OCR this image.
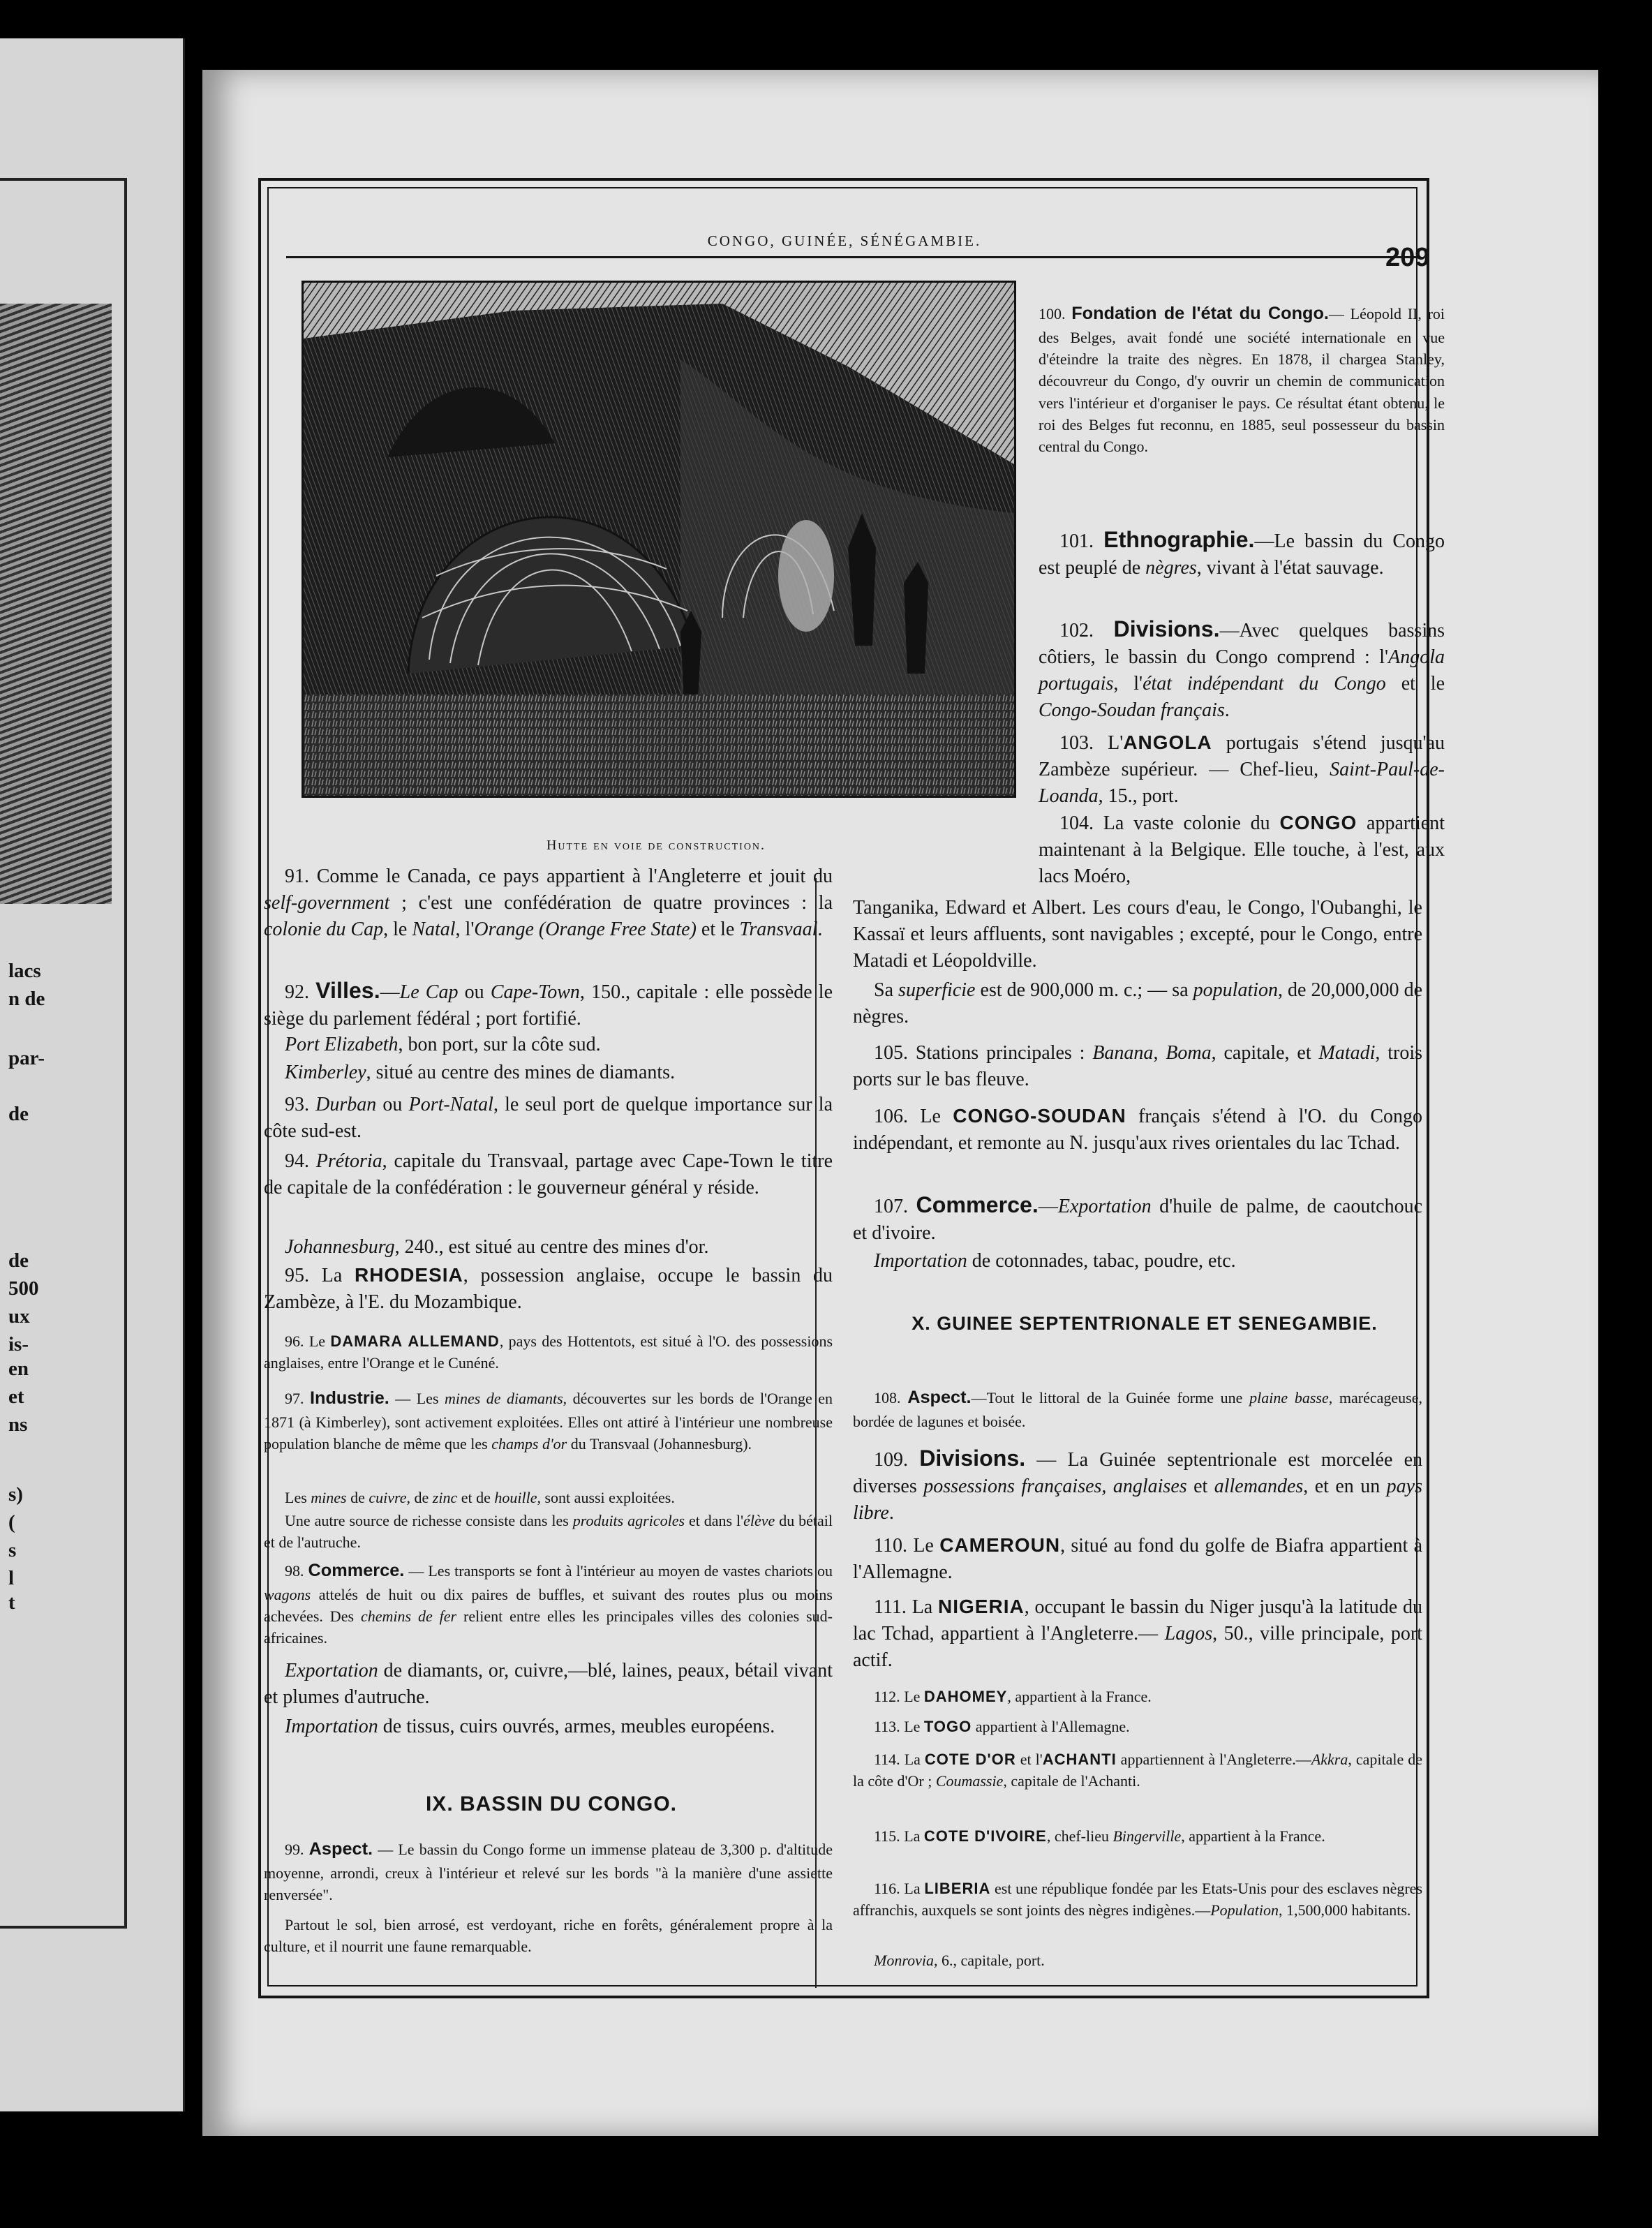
lacs
n de
par-
de
de
500
ux
is-
en
et
ns
s)
(
s
l
t
CONGO, GUINÉE, SÉNÉGAMBIE.
209
Hutte en voie de construction.
100. Fondation de l'état du Congo.— Léopold II, roi des Belges, avait fondé une société internationale en vue d'éteindre la traite des nègres. En 1878, il chargea Stanley, découvreur du Congo, d'y ouvrir un chemin de communication vers l'intérieur et d'organiser le pays. Ce résultat étant obtenu, le roi des Belges fut reconnu, en 1885, seul possesseur du bassin central du Congo.
101. Ethnographie.—Le bassin du Congo est peuplé de nègres, vivant à l'état sauvage.
102. Divisions.—Avec quelques bassins côtiers, le bassin du Congo comprend : l'Angola portugais, l'état indépendant du Congo et le Congo-Soudan français.
103. L'ANGOLA portugais s'étend jusqu'au Zambèze supérieur. — Chef-lieu, Saint-Paul-de-Loanda, 15., port.
104. La vaste colonie du CONGO appartient maintenant à la Belgique. Elle touche, à l'est, aux lacs Moéro,
Tanganika, Edward et Albert. Les cours d'eau, le Congo, l'Oubanghi, le Kassaï et leurs affluents, sont navigables ; excepté, pour le Congo, entre Matadi et Léopoldville.
Sa superficie est de 900,000 m. c.; — sa population, de 20,000,000 de nègres.
105. Stations principales : Banana, Boma, capitale, et Matadi, trois ports sur le bas fleuve.
106. Le CONGO-SOUDAN français s'étend à l'O. du Congo indépendant, et remonte au N. jusqu'aux rives orientales du lac Tchad.
107. Commerce.—Exportation d'huile de palme, de caoutchouc et d'ivoire.
Importation de cotonnades, tabac, poudre, etc.
X. GUINEE SEPTENTRIONALE ET SENEGAMBIE.
108. Aspect.—Tout le littoral de la Guinée forme une plaine basse, marécageuse, bordée de lagunes et boisée.
109. Divisions. — La Guinée septentrionale est morcelée en diverses possessions françaises, anglaises et allemandes, et en un pays libre.
110. Le CAMEROUN, situé au fond du golfe de Biafra appartient à l'Allemagne.
111. La NIGERIA, occupant le bassin du Niger jusqu'à la latitude du lac Tchad, appartient à l'Angleterre.— Lagos, 50., ville principale, port actif.
112. Le DAHOMEY, appartient à la France.
113. Le TOGO appartient à l'Allemagne.
114. La COTE D'OR et l'ACHANTI appartiennent à l'Angleterre.—Akkra, capitale de la côte d'Or ; Coumassie, capitale de l'Achanti.
115. La COTE D'IVOIRE, chef-lieu Bingerville, appartient à la France.
116. La LIBERIA est une république fondée par les Etats-Unis pour des esclaves nègres affranchis, auxquels se sont joints des nègres indigènes.—Population, 1,500,000 habitants.
Monrovia, 6., capitale, port.
91. Comme le Canada, ce pays appartient à l'Angleterre et jouit du self-government ; c'est une confédération de quatre provinces : la colonie du Cap, le Natal, l'Orange (Orange Free State) et le Transvaal.
92. Villes.—Le Cap ou Cape-Town, 150., capitale : elle possède le siège du parlement fédéral ; port fortifié.
Port Elizabeth, bon port, sur la côte sud.
Kimberley, situé au centre des mines de diamants.
93. Durban ou Port-Natal, le seul port de quelque importance sur la côte sud-est.
94. Prétoria, capitale du Transvaal, partage avec Cape-Town le titre de capitale de la confédération : le gouverneur général y réside.
Johannesburg, 240., est situé au centre des mines d'or.
95. La RHODESIA, possession anglaise, occupe le bassin du Zambèze, à l'E. du Mozambique.
96. Le DAMARA ALLEMAND, pays des Hottentots, est situé à l'O. des possessions anglaises, entre l'Orange et le Cunéné.
97. Industrie. — Les mines de diamants, découvertes sur les bords de l'Orange en 1871 (à Kimberley), sont activement exploitées. Elles ont attiré à l'intérieur une nombreuse population blanche de même que les champs d'or du Transvaal (Johannesburg).
Les mines de cuivre, de zinc et de houille, sont aussi exploitées.
Une autre source de richesse consiste dans les produits agricoles et dans l'élève du bétail et de l'autruche.
98. Commerce. — Les transports se font à l'intérieur au moyen de vastes chariots ou wagons attelés de huit ou dix paires de buffles, et suivant des routes plus ou moins achevées. Des chemins de fer relient entre elles les principales villes des colonies sud-africaines.
Exportation de diamants, or, cuivre,—blé, laines, peaux, bétail vivant et plumes d'autruche.
Importation de tissus, cuirs ouvrés, armes, meubles européens.
IX. BASSIN DU CONGO.
99. Aspect. — Le bassin du Congo forme un immense plateau de 3,300 p. d'altitude moyenne, arrondi, creux à l'intérieur et relevé sur les bords "à la manière d'une assiette renversée".
Partout le sol, bien arrosé, est verdoyant, riche en forêts, généralement propre à la culture, et il nourrit une faune remarquable.
